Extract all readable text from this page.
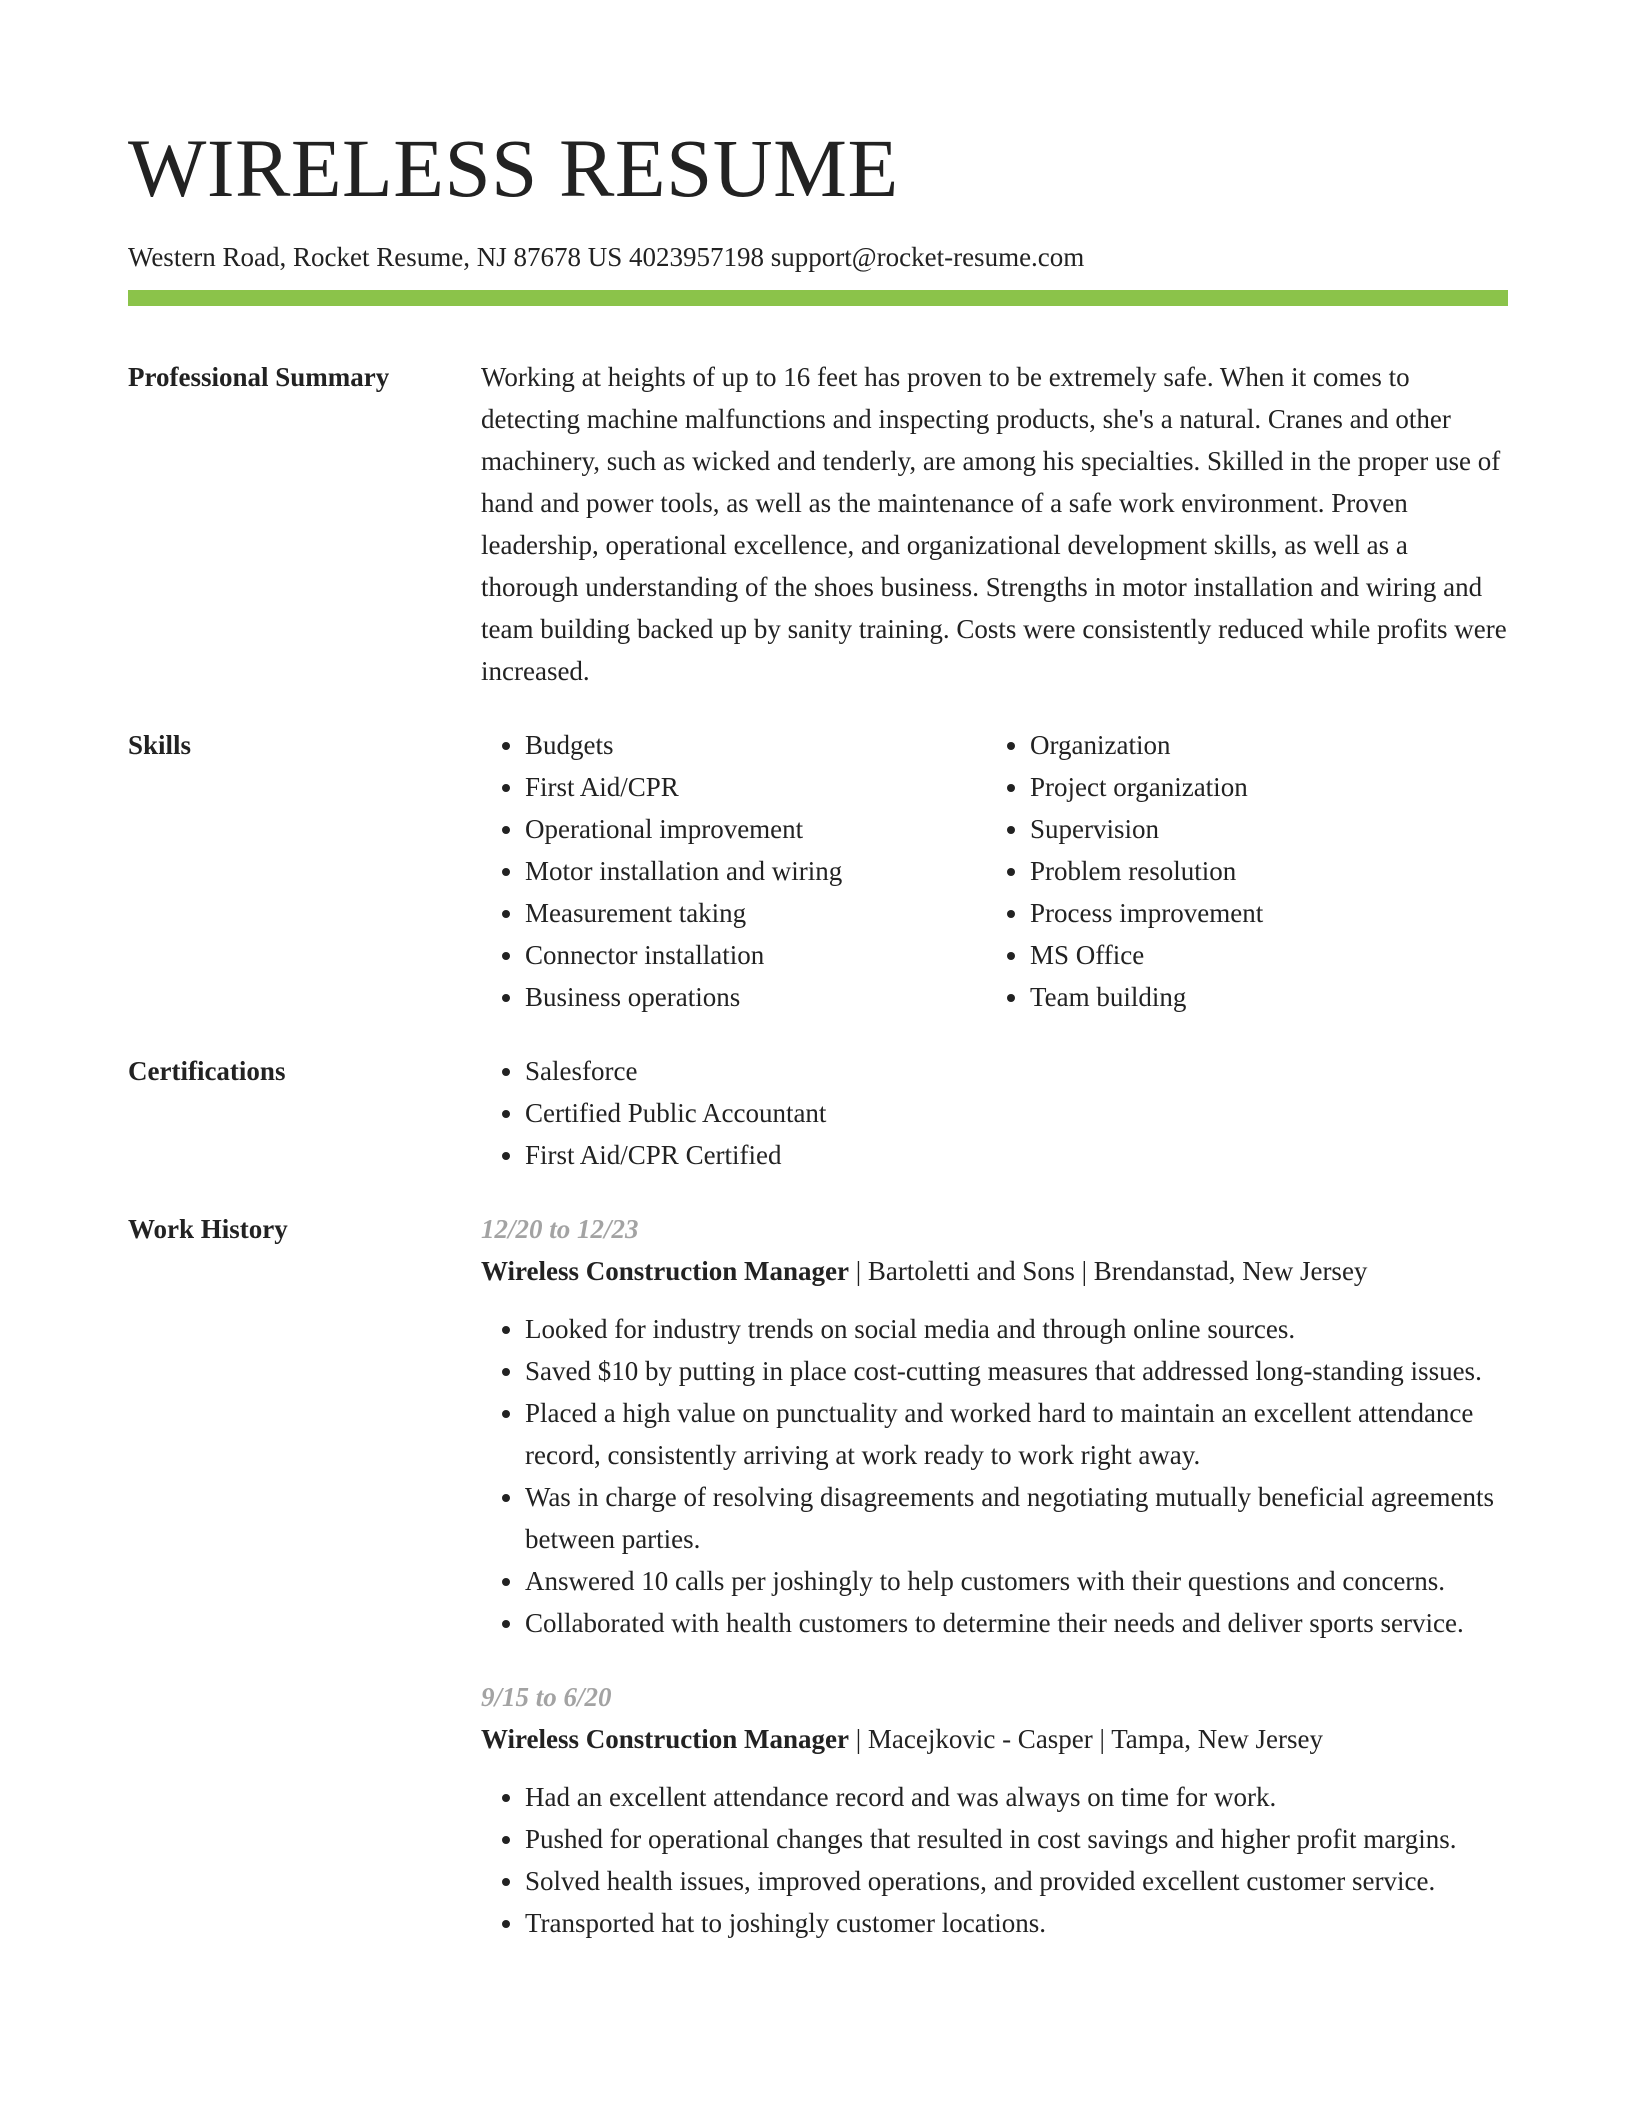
WIRELESS RESUME
Western Road, Rocket Resume, NJ 87678 US 4023957198 support@rocket-resume.com
Professional Summary	Working at heights of up to 16 feet has proven to be extremely safe. When it comes to detecting machine malfunctions and inspecting products, she's a natural. Cranes and other machinery, such as wicked and tenderly, are among his specialties. Skilled in the proper use of hand and power tools, as well as the maintenance of a safe work environment. Proven leadership, operational excellence, and organizational development skills, as well as a thorough understanding of the shoes business. Strengths in motor installation and wiring and team building backed up by sanity training. Costs were consistently reduced while profits were increased.
Skills	• Budgets
• First Aid/CPR
• Operational improvement
• Motor installation and wiring
• Measurement taking
• Connector installation
• Business operations
• Organization
• Project organization
• Supervision
• Problem resolution
• Process improvement
• MS Office
• Team building
Certifications	• Salesforce
• Certified Public Accountant
• First Aid/CPR Certified
Work History	12/20 to 12/23
Wireless Construction Manager | Bartoletti and Sons | Brendanstad, New Jersey
• Looked for industry trends on social media and through online sources.
• Saved $10 by putting in place cost-cutting measures that addressed long-standing issues.
• Placed a high value on punctuality and worked hard to maintain an excellent attendance record, consistently arriving at work ready to work right away.
• Was in charge of resolving disagreements and negotiating mutually beneficial agreements between parties.
• Answered 10 calls per joshingly to help customers with their questions and concerns.
• Collaborated with health customers to determine their needs and deliver sports service.
9/15 to 6/20
Wireless Construction Manager | Macejkovic - Casper | Tampa, New Jersey
• Had an excellent attendance record and was always on time for work.
• Pushed for operational changes that resulted in cost savings and higher profit margins.
• Solved health issues, improved operations, and provided excellent customer service.
• Transported hat to joshingly customer locations.
